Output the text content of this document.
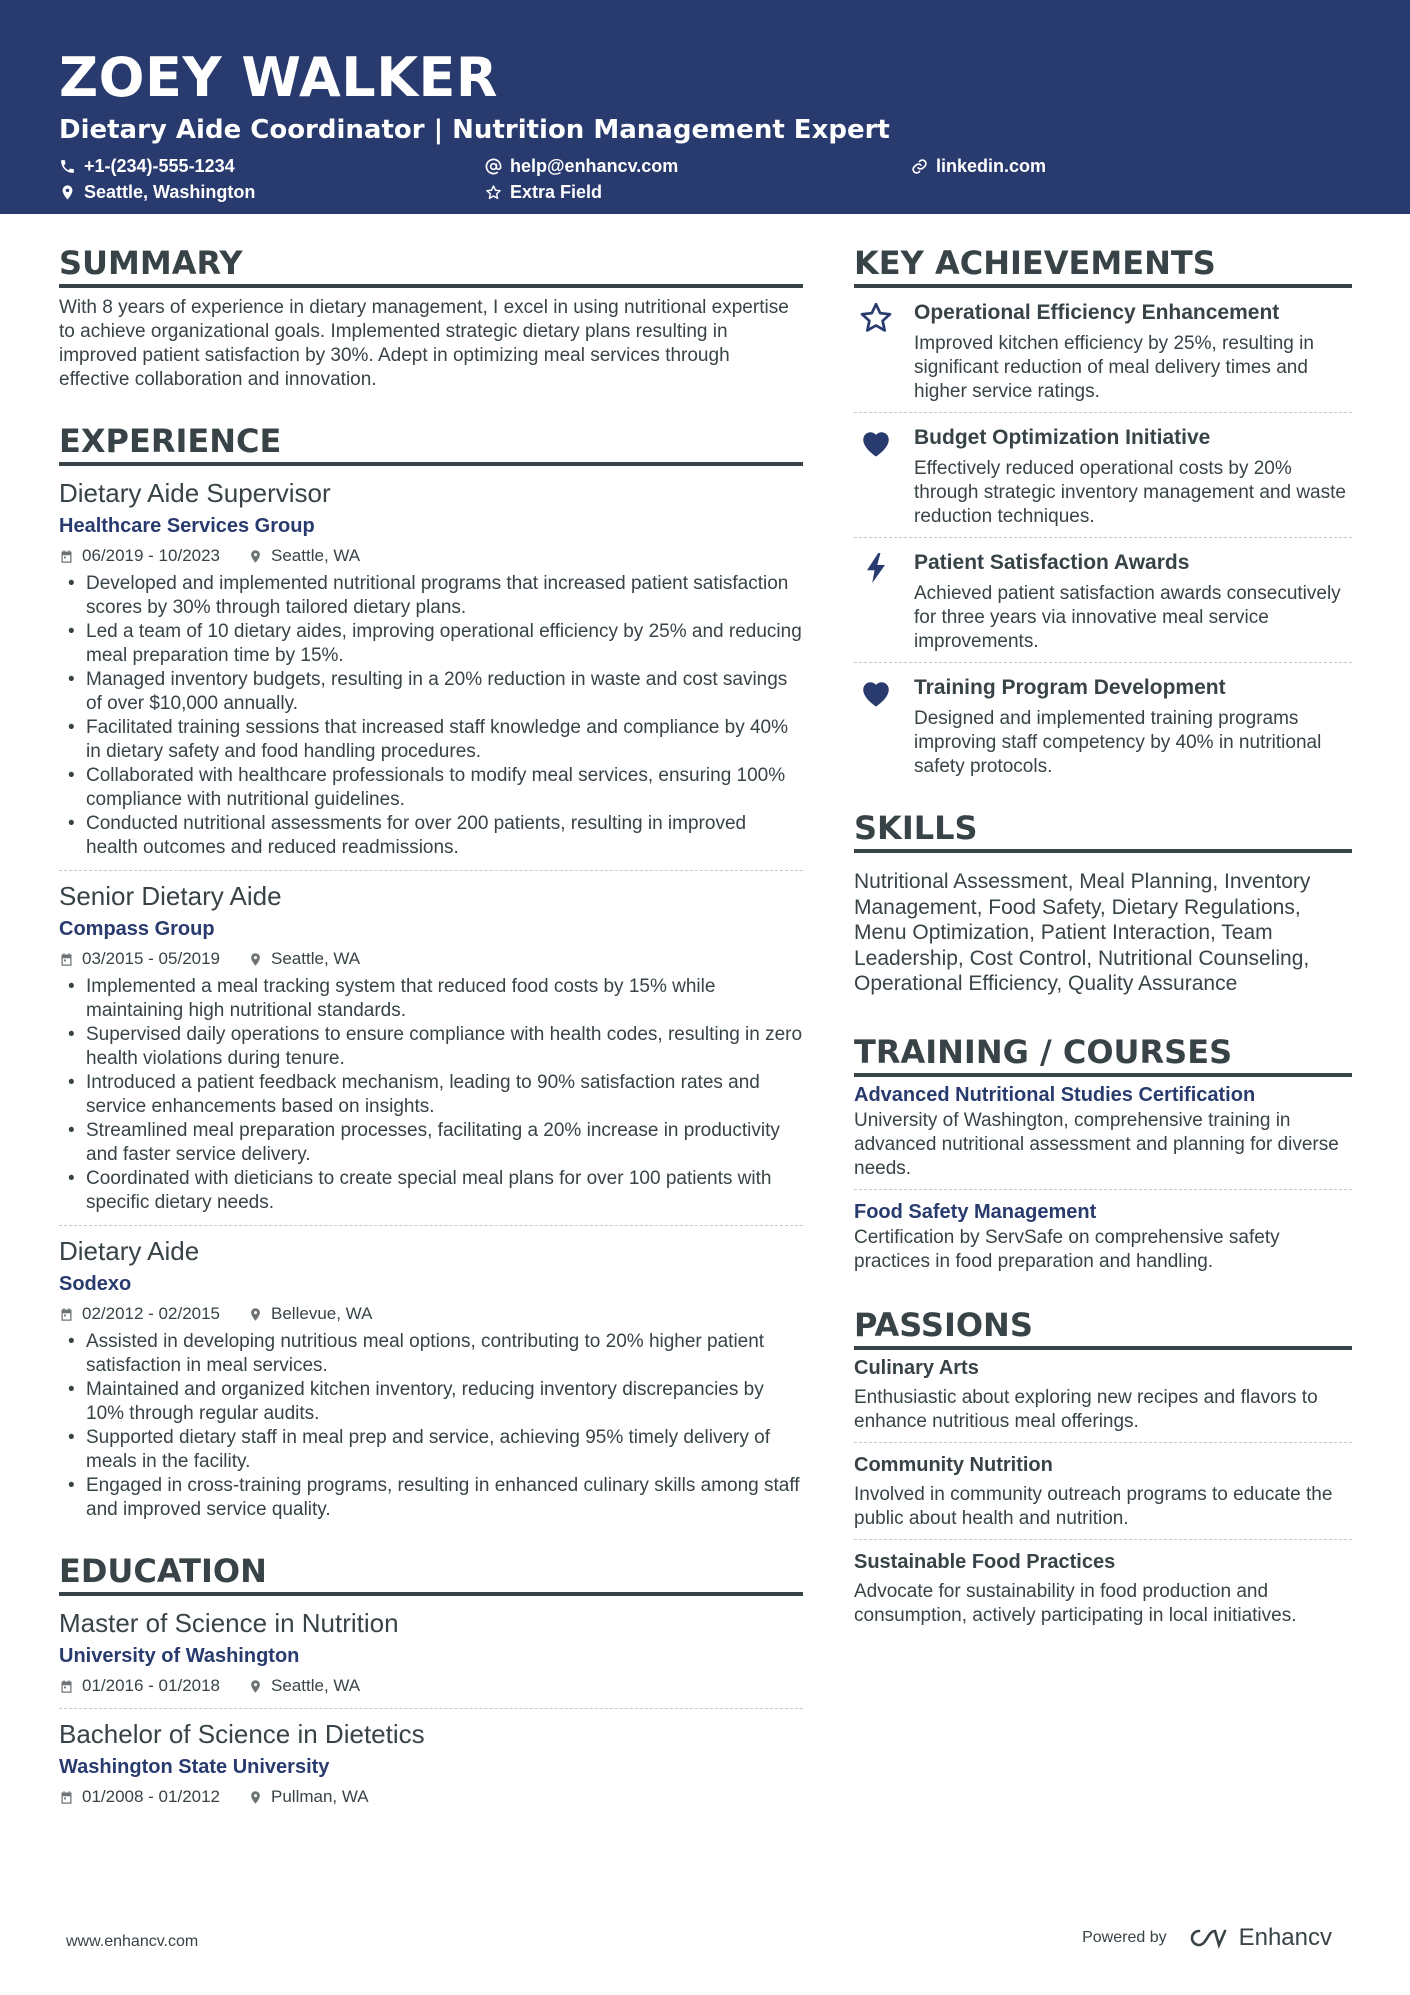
ZOEY WALKER
Dietary Aide Coordinator | Nutrition Management Expert
+1-(234)-555-1234	help@enhancv.com	linkedin.com
Seattle, Washington	Extra Field
SUMMARY
With 8 years of experience in dietary management, I excel in using nutritional expertise to achieve organizational goals. Implemented strategic dietary plans resulting in improved patient satisfaction by 30%. Adept in optimizing meal services through effective collaboration and innovation.
EXPERIENCE
Dietary Aide Supervisor
Healthcare Services Group
06/2019 - 10/2023	Seattle, WA
• Developed and implemented nutritional programs that increased patient satisfaction scores by 30% through tailored dietary plans.
• Led a team of 10 dietary aides, improving operational efficiency by 25% and reducing meal preparation time by 15%.
• Managed inventory budgets, resulting in a 20% reduction in waste and cost savings of over $10,000 annually.
• Facilitated training sessions that increased staff knowledge and compliance by 40% in dietary safety and food handling procedures.
• Collaborated with healthcare professionals to modify meal services, ensuring 100% compliance with nutritional guidelines.
• Conducted nutritional assessments for over 200 patients, resulting in improved health outcomes and reduced readmissions.
Senior Dietary Aide
Compass Group
03/2015 - 05/2019	Seattle, WA
• Implemented a meal tracking system that reduced food costs by 15% while maintaining high nutritional standards.
• Supervised daily operations to ensure compliance with health codes, resulting in zero health violations during tenure.
• Introduced a patient feedback mechanism, leading to 90% satisfaction rates and service enhancements based on insights.
• Streamlined meal preparation processes, facilitating a 20% increase in productivity and faster service delivery.
• Coordinated with dieticians to create special meal plans for over 100 patients with specific dietary needs.
Dietary Aide
Sodexo
02/2012 - 02/2015	Bellevue, WA
• Assisted in developing nutritious meal options, contributing to 20% higher patient satisfaction in meal services.
• Maintained and organized kitchen inventory, reducing inventory discrepancies by 10% through regular audits.
• Supported dietary staff in meal prep and service, achieving 95% timely delivery of meals in the facility.
• Engaged in cross-training programs, resulting in enhanced culinary skills among staff and improved service quality.
EDUCATION
Master of Science in Nutrition
University of Washington
01/2016 - 01/2018	Seattle, WA
Bachelor of Science in Dietetics
Washington State University
01/2008 - 01/2012	Pullman, WA
KEY ACHIEVEMENTS
Operational Efficiency Enhancement
Improved kitchen efficiency by 25%, resulting in significant reduction of meal delivery times and higher service ratings.
Budget Optimization Initiative
Effectively reduced operational costs by 20% through strategic inventory management and waste reduction techniques.
Patient Satisfaction Awards
Achieved patient satisfaction awards consecutively for three years via innovative meal service improvements.
Training Program Development
Designed and implemented training programs improving staff competency by 40% in nutritional safety protocols.
SKILLS
Nutritional Assessment, Meal Planning, Inventory Management, Food Safety, Dietary Regulations, Menu Optimization, Patient Interaction, Team Leadership, Cost Control, Nutritional Counseling, Operational Efficiency, Quality Assurance
TRAINING / COURSES
Advanced Nutritional Studies Certification
University of Washington, comprehensive training in advanced nutritional assessment and planning for diverse needs.
Food Safety Management
Certification by ServSafe on comprehensive safety practices in food preparation and handling.
PASSIONS
Culinary Arts
Enthusiastic about exploring new recipes and flavors to enhance nutritious meal offerings.
Community Nutrition
Involved in community outreach programs to educate the public about health and nutrition.
Sustainable Food Practices
Advocate for sustainability in food production and consumption, actively participating in local initiatives.
www.enhancv.com	Powered by	Enhancv
